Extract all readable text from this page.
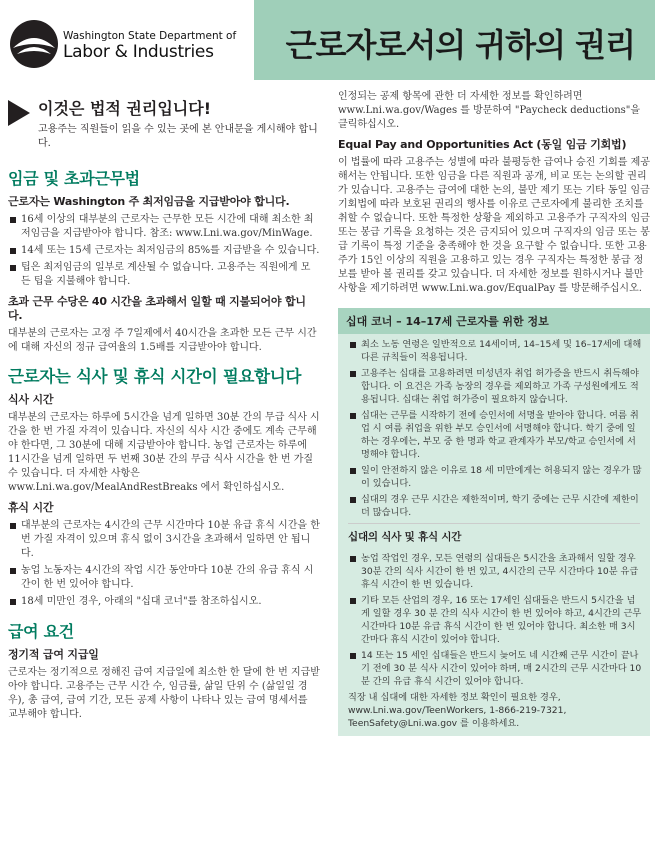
Washington State Department of
Labor & Industries 근로자로서의 귀하의 권리
이것은 법적 권리입니다!

고용주는 직원들이 읽을 수 있는 곳에 본 안내문을 게시해야 합니다.

임금 및 초과근무법
근로자는 Washington 주 최저임금을 지급받아야 합니다.
16세 이상의 대부분의 근로자는 근무한 모든 시간에 대해 최소한 최저임금을 지급받아야 합니다. 참조: www.Lni.wa.gov/MinWage.
14세 또는 15세 근로자는 최저임금의 85%를 지급받을 수 있습니다.
팁은 최저임금의 일부로 계산될 수 없습니다. 고용주는 직원에게 모든 팁을 지불해야 합니다.
초과 근무 수당은 40 시간을 초과해서 일할 때 지불되어야 합니다.

대부분의 근로자는 고정 주 7일제에서 40시간을 초과한 모든 근무 시간에 대해 자신의 정규 급여율의 1.5배를 지급받아야 합니다.

근로자는 식사 및 휴식 시간이 필요합니다
식사 시간

대부분의 근로자는 하루에 5시간을 넘게 일하면 30분 간의 무급 식사 시간을 한 번 가질 자격이 있습니다. 자신의 식사 시간 중에도 계속 근무해야 한다면, 그 30분에 대해 지급받아야 합니다. 농업 근로자는 하루에 11시간을 넘게 일하면 두 번째 30분 간의 무급 식사 시간을 한 번 가질 수 있습니다. 더 자세한 사항은 www.Lni.wa.gov/MealAndRestBreaks 에서 확인하십시오.

휴식 시간
대부분의 근로자는 4시간의 근무 시간마다 10분 유급 휴식 시간을 한 번 가질 자격이 있으며 휴식 없이 3시간을 초과해서 일하면 안 됩니다.
농업 노동자는 4시간의 작업 시간 동안마다 10분 간의 유급 휴식 시간이 한 번 있어야 합니다.
18세 미만인 경우, 아래의 "십대 코너"를 참조하십시오.
급여 요건
정기적 급여 지급일

근로자는 정기적으로 정해진 급여 지급일에 최소한 한 달에 한 번 지급받아야 합니다. 고용주는 근무 시간 수, 임금률, 삶일 단위 수 (삶일일 경우), 총 급여, 급여 기간, 모든 공제 사항이 나타나 있는 급여 명세서를 교부해야 합니다.

인정되는 공제 항목에 관한 더 자세한 정보를 확인하려면 www.Lni.wa.gov/Wages 를 방문하여 "Paycheck deductions"을 클릭하십시오.

Equal Pay and Opportunities Act (동일 임금 기회법)

이 법률에 따라 고용주는 성별에 따라 불평등한 급여나 승진 기회를 제공해서는 안됩니다. 또한 임금을 다른 직원과 공개, 비교 또는 논의할 권리가 있습니다. 고용주는 급여에 대한 논의, 불만 제기 또는 기타 동일 임금 기회법에 따라 보호된 권리의 행사를 이유로 근로자에게 불리한 조치를 취할 수 없습니다. 또한 특정한 상황을 제외하고 고용주가 구직자의 임금 또는 봉급 기록을 요청하는 것은 금지되어 있으며 구직자의 임금 또는 봉급 기록이 특정 기준을 충족해야 한 것을 요구할 수 없습니다. 또한 고용주가 15인 이상의 직원을 고용하고 있는 경우 구직자는 특정한 봉급 정보를 받아 볼 권리를 갖고 있습니다. 더 자세한 정보를 원하시거나 불만 사항을 제기하려면 www.Lni.wa.gov/EqualPay 를 방문해주십시오.

십대 코너 – 14–17세 근로자를 위한 정보
최소 노동 연령은 일반적으로 14세이며, 14–15세 및 16–17세에 대해 다른 규칙들이 적용됩니다.
고용주는 십대를 고용하려면 미성년자 취업 허가증을 반드시 취득해야 합니다. 이 요건은 가족 농장의 경우를 제외하고 가족 구성원에게도 적용됩니다. 십대는 취업 허가증이 필요하지 않습니다.
십대는 근무를 시작하기 전에 승인서에 서명을 받아야 합니다. 여름 취업 시 여름 취업을 위한 부모 승인서에 서명해야 합니다. 학기 중에 일하는 경우에는, 부모 중 한 명과 학교 관계자가 부모/학교 승인서에 서명해야 합니다.
일이 안전하지 않은 이유로 18 세 미만에게는 허용되지 않는 경우가 많이 있습니다.
십대의 경우 근무 시간은 제한적이며, 학기 중에는 근무 시간에 제한이 더 많습니다.
십대의 식사 및 휴식 시간
농업 작업인 경우, 모든 연령의 십대들은 5시간을 초과해서 일할 경우 30분 간의 식사 시간이 한 번 있고, 4시간의 근무 시간마다 10분 유급 휴식 시간이 한 번 있습니다.
기타 모든 산업의 경우, 16 또는 17세인 십대들은 반드시 5시간을 넘게 일할 경우 30 분 간의 식사 시간이 한 번 있어야 하고, 4시간의 근무 시간마다 10분 유급 휴식 시간이 한 번 있어야 합니다. 최소한 매 3시간마다 휴식 시간이 있어야 합니다.
14 또는 15 세인 십대들은 반드시 늦어도 네 시간째 근무 시간이 끝나기 전에 30 분 식사 시간이 있어야 하며, 매 2시간의 근무 시간마다 10분 간의 유급 휴식 시간이 있어야 합니다.

직장 내 십대에 대한 자세한 정보 확인이 필요한 경우, www.Lni.wa.gov/TeenWorkers, 1-866-219-7321, TeenSafety@Lni.wa.gov 를 이용하세요.
